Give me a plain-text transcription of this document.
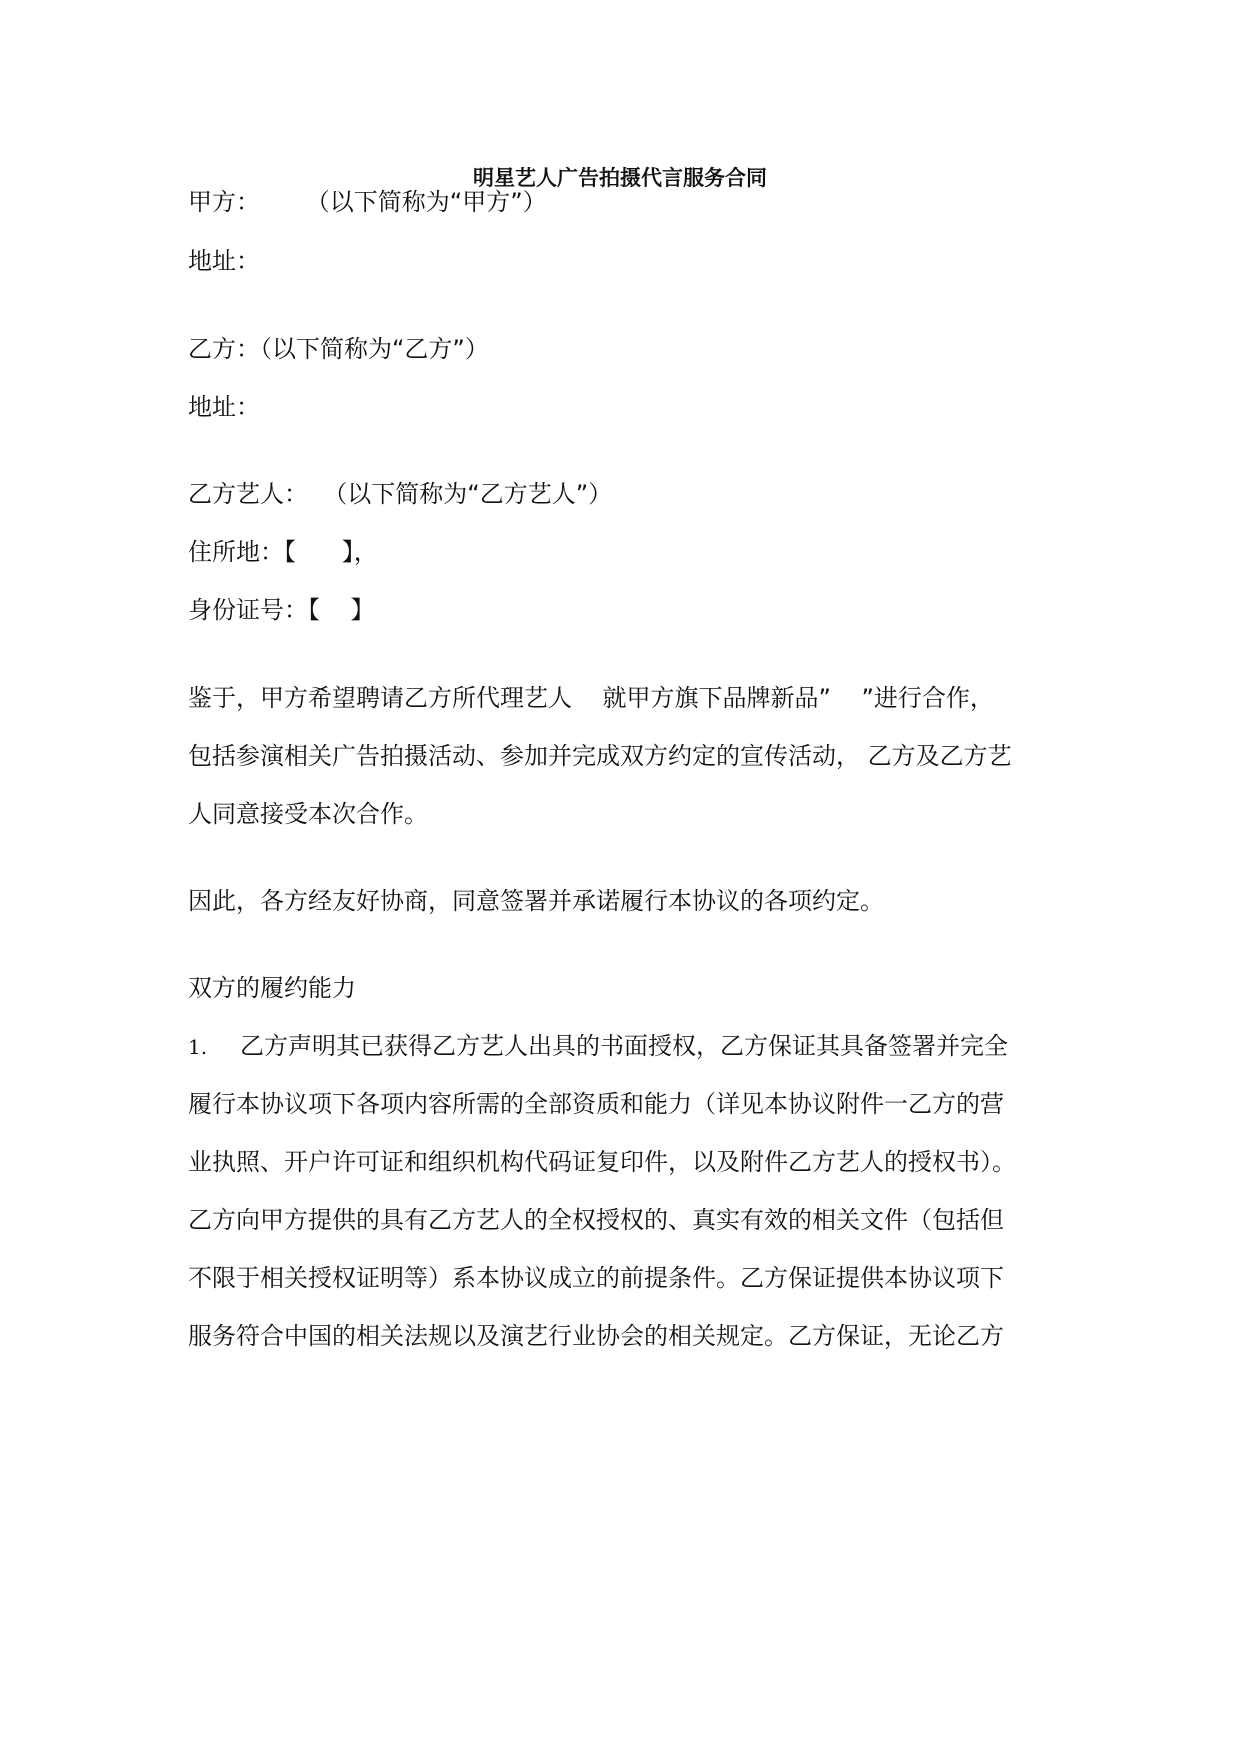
明星艺人广告拍摄代言服务合同

甲方：      （以下简称为“甲方”）

地址：

乙方：（以下简称为“乙方”）

地址：

乙方艺人：  （以下简称为“乙方艺人”）

住所地：【      】，

身份证号：【    】

鉴于，甲方希望聘请乙方所代理艺人    就甲方旗下品牌新品”    ”进行合作，

包括参演相关广告拍摄活动、参加并完成双方约定的宣传活动， 乙方及乙方艺

人同意接受本次合作。

因此，各方经友好协商，同意签署并承诺履行本协议的各项约定。

双方的履约能力

1. 乙方声明其已获得乙方艺人出具的书面授权，乙方保证其具备签署并完全

履行本协议项下各项内容所需的全部资质和能力（详见本协议附件一乙方的营

业执照、开户许可证和组织机构代码证复印件，以及附件乙方艺人的授权书）。

乙方向甲方提供的具有乙方艺人的全权授权的、真实有效的相关文件（包括但

不限于相关授权证明等）系本协议成立的前提条件。乙方保证提供本协议项下

服务符合中国的相关法规以及演艺行业协会的相关规定。乙方保证，无论乙方
